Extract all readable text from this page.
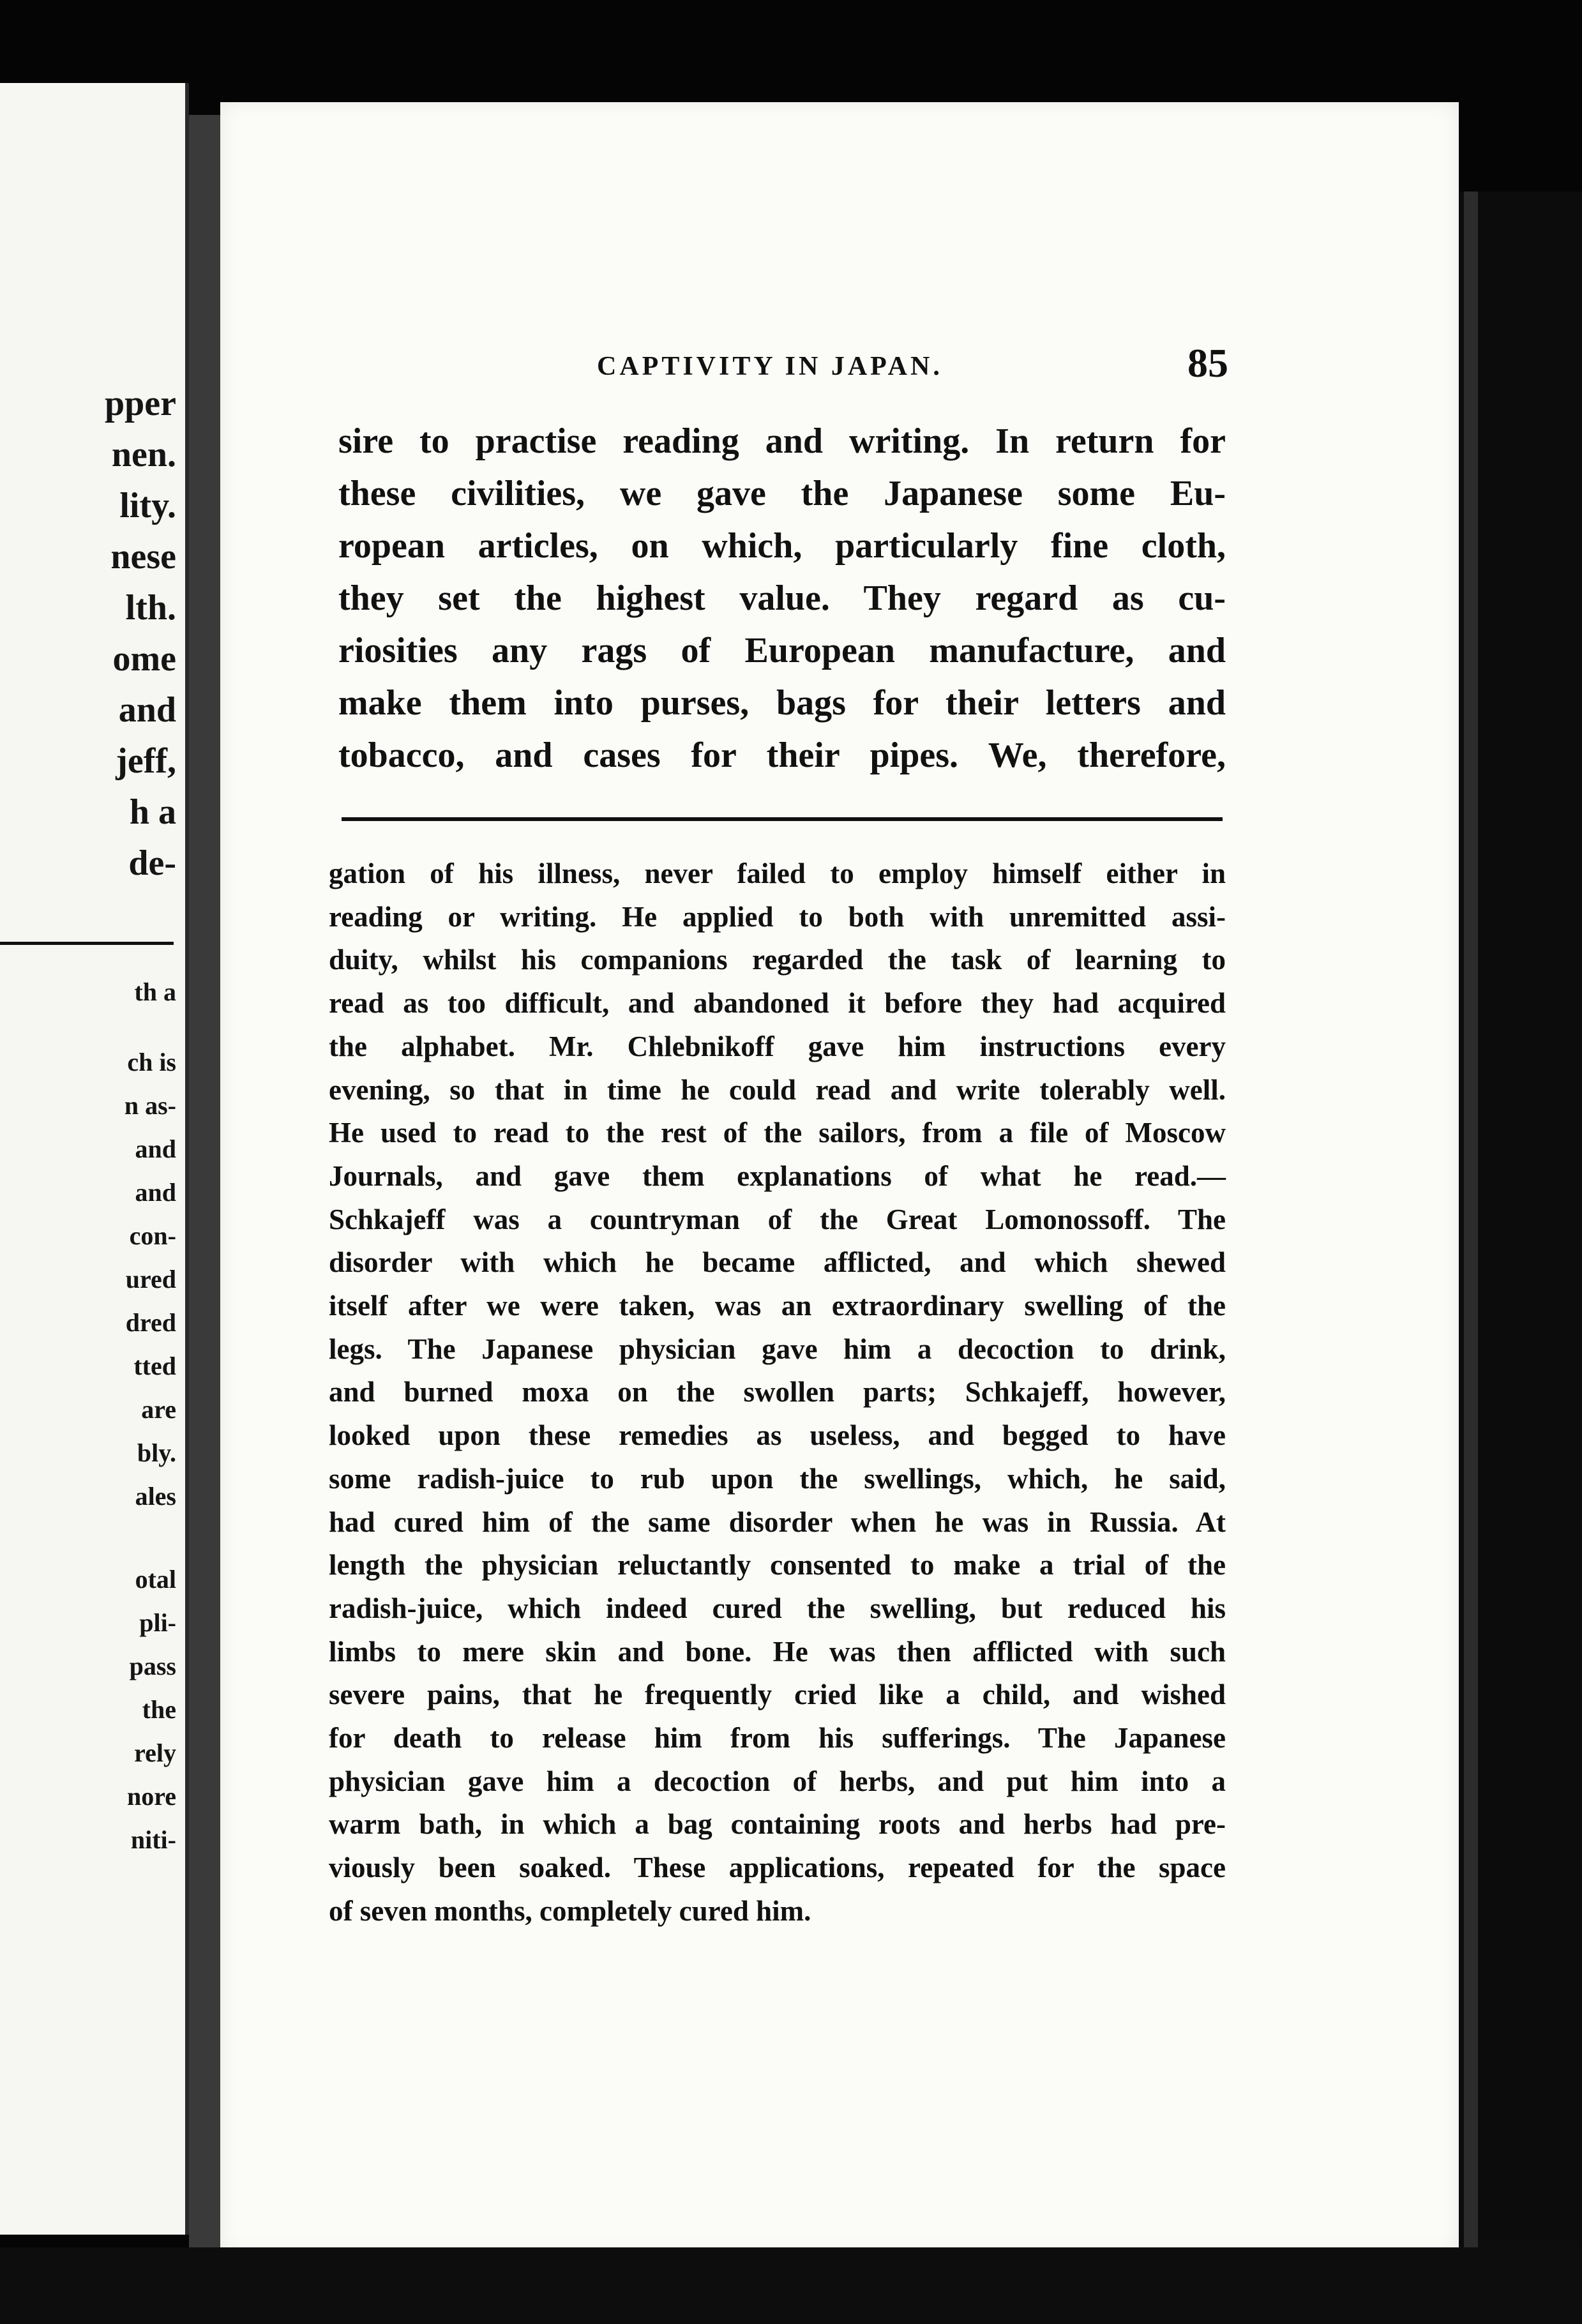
pper
nen.
lity.
nese
lth.
ome
and
jeff,
h a
de-
th a
ch is
n as-
and
and
con-
ured
dred
tted
are
bly.
ales
otal
pli-
pass
the
rely
nore
niti-
CAPTIVITY IN JAPAN.	85
sire to practise reading and writing. In return for
these civilities, we gave the Japanese some Eu-
ropean articles, on which, particularly fine cloth,
they set the highest value. They regard as cu-
riosities any rags of European manufacture, and
make them into purses, bags for their letters and
tobacco, and cases for their pipes. We, therefore,
gation of his illness, never failed to employ himself either in
reading or writing. He applied to both with unremitted assi-
duity, whilst his companions regarded the task of learning to
read as too difficult, and abandoned it before they had acquired
the alphabet. Mr. Chlebnikoff gave him instructions every
evening, so that in time he could read and write tolerably well.
He used to read to the rest of the sailors, from a file of Moscow
Journals, and gave them explanations of what he read.—
Schkajeff was a countryman of the Great Lomonossoff. The
disorder with which he became afflicted, and which shewed
itself after we were taken, was an extraordinary swelling of the
legs. The Japanese physician gave him a decoction to drink,
and burned moxa on the swollen parts; Schkajeff, however,
looked upon these remedies as useless, and begged to have
some radish-juice to rub upon the swellings, which, he said,
had cured him of the same disorder when he was in Russia. At
length the physician reluctantly consented to make a trial of the
radish-juice, which indeed cured the swelling, but reduced his
limbs to mere skin and bone. He was then afflicted with such
severe pains, that he frequently cried like a child, and wished
for death to release him from his sufferings. The Japanese
physician gave him a decoction of herbs, and put him into a
warm bath, in which a bag containing roots and herbs had pre-
viously been soaked. These applications, repeated for the space
of seven months, completely cured him.
